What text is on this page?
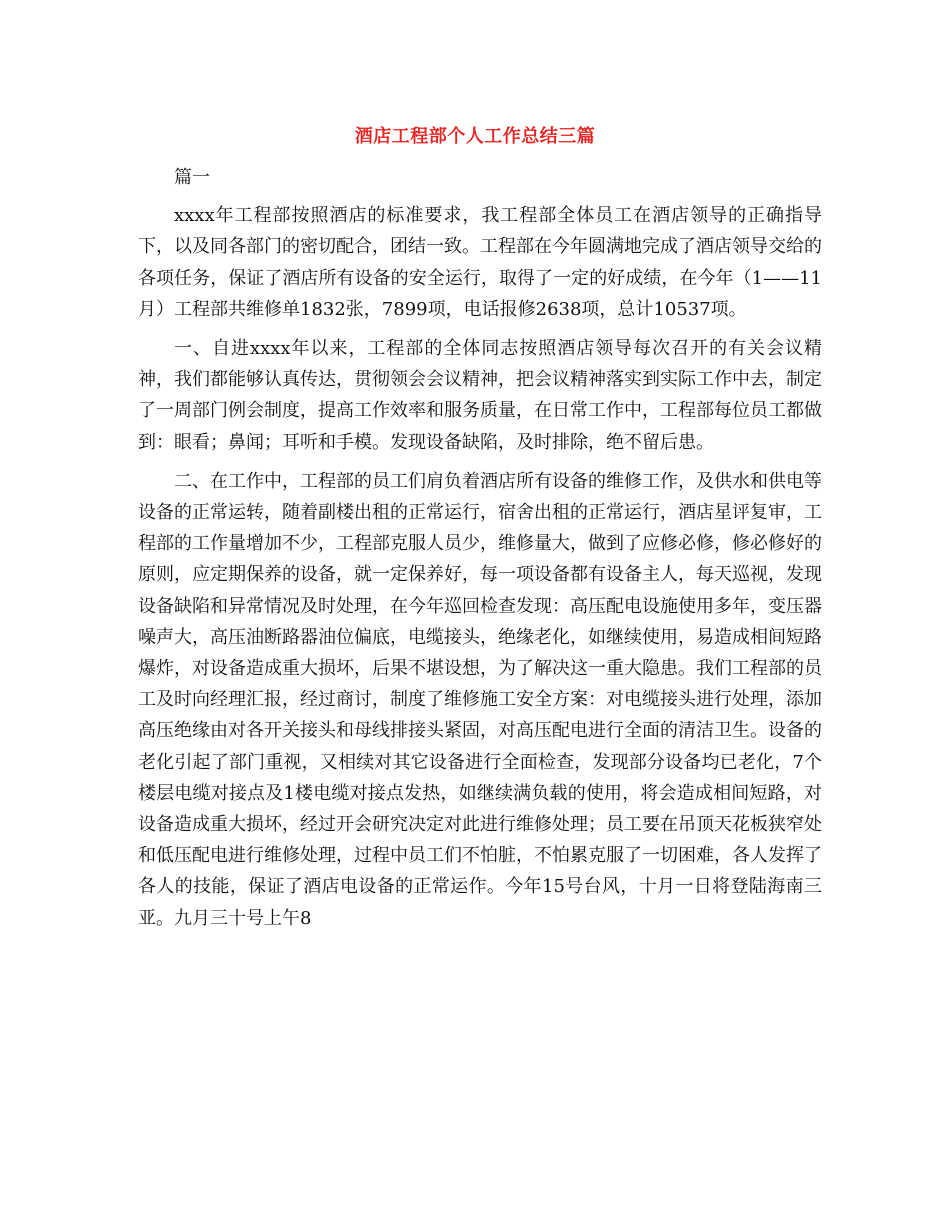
酒店工程部个人工作总结三篇

篇一

xxxx年工程部按照酒店的标准要求，我工程部全体员工在酒店领导的正确指导下，以及同各部门的密切配合，团结一致。工程部在今年圆满地完成了酒店领导交给的各项任务，保证了酒店所有设备的安全运行，取得了一定的好成绩，在今年（1——11月）工程部共维修单1832张，7899项，电话报修2638项，总计10537项。

一、自进xxxx年以来，工程部的全体同志按照酒店领导每次召开的有关会议精神，我们都能够认真传达，贯彻领会会议精神，把会议精神落实到实际工作中去，制定了一周部门例会制度，提高工作效率和服务质量，在日常工作中，工程部每位员工都做到：眼看；鼻闻；耳听和手模。发现设备缺陷，及时排除，绝不留后患。

二、在工作中，工程部的员工们肩负着酒店所有设备的维修工作，及供水和供电等设备的正常运转，随着副楼出租的正常运行，宿舍出租的正常运行，酒店星评复审，工程部的工作量增加不少，工程部克服人员少，维修量大，做到了应修必修，修必修好的原则，应定期保养的设备，就一定保养好，每一项设备都有设备主人，每天巡视，发现设备缺陷和异常情况及时处理，在今年巡回检查发现：高压配电设施使用多年，变压器噪声大，高压油断路器油位偏底，电缆接头，绝缘老化，如继续使用，易造成相间短路爆炸，对设备造成重大损坏，后果不堪设想，为了解决这一重大隐患。我们工程部的员工及时向经理汇报，经过商讨，制度了维修施工安全方案：对电缆接头进行处理，添加高压绝缘由对各开关接头和母线排接头紧固，对高压配电进行全面的清洁卫生。设备的老化引起了部门重视，又相续对其它设备进行全面检查，发现部分设备均已老化，7个楼层电缆对接点及1楼电缆对接点发热，如继续满负载的使用，将会造成相间短路，对设备造成重大损坏，经过开会研究决定对此进行维修处理；员工要在吊顶天花板狭窄处和低压配电进行维修处理，过程中员工们不怕脏，不怕累克服了一切困难，各人发挥了各人的技能，保证了酒店电设备的正常运作。今年15号台风，十月一日将登陆海南三亚。九月三十号上午8
